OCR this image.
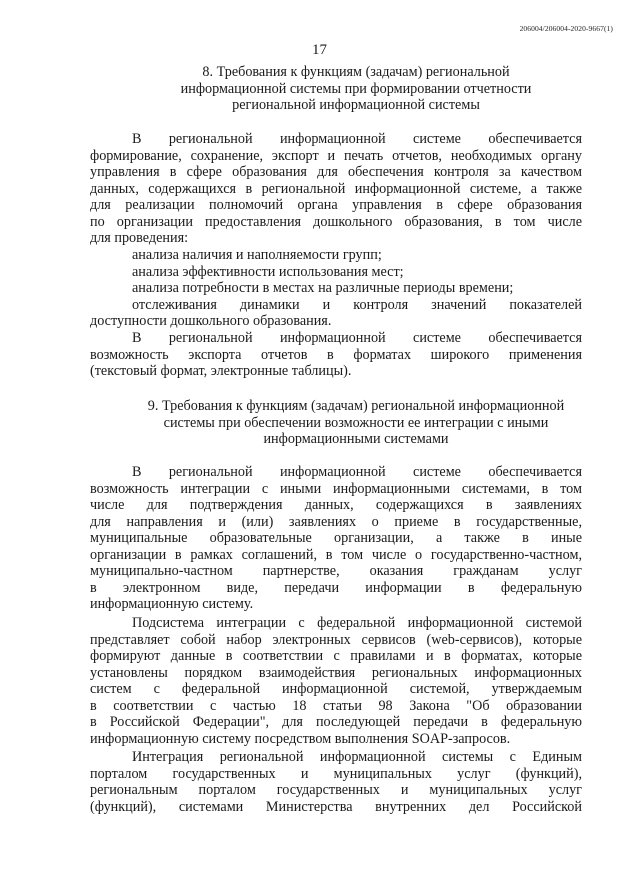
206004/206004-2020-9667(1)
17
8. Требования к функциям (задачам) региональной
информационной системы при формировании отчетности
региональной информационной системы
В региональной информационной системе обеспечивается
формирование, сохранение, экспорт и печать отчетов, необходимых органу
управления в сфере образования для обеспечения контроля за качеством
данных, содержащихся в региональной информационной системе, а также
для реализации полномочий органа управления в сфере образования
по организации предоставления дошкольного образования, в том числе
для проведения:
анализа наличия и наполняемости групп;
анализа эффективности использования мест;
анализа потребности в местах на различные периоды времени;
отслеживания динамики и контроля значений показателей
доступности дошкольного образования.
В региональной информационной системе обеспечивается
возможность экспорта отчетов в форматах широкого применения
(текстовый формат, электронные таблицы).
9. Требования к функциям (задачам) региональной информационной
системы при обеспечении возможности ее интеграции с иными
информационными системами
В региональной информационной системе обеспечивается
возможность интеграции с иными информационными системами, в том
числе для подтверждения данных, содержащихся в заявлениях
для направления и (или) заявлениях о приеме в государственные,
муниципальные образовательные организации, а также в иные
организации в рамках соглашений, в том числе о государственно-частном,
муниципально-частном партнерстве, оказания гражданам услуг
в электронном виде, передачи информации в федеральную
информационную систему.
Подсистема интеграции с федеральной информационной системой
представляет собой набор электронных сервисов (web-сервисов), которые
формируют данные в соответствии с правилами и в форматах, которые
установлены порядком взаимодействия региональных информационных
систем с федеральной информационной системой, утверждаемым
в соответствии с частью 18 статьи 98 Закона "Об образовании
в Российской Федерации", для последующей передачи в федеральную
информационную систему посредством выполнения SOAP-запросов.
Интеграция региональной информационной системы с Единым
порталом государственных и муниципальных услуг (функций),
региональным порталом государственных и муниципальных услуг
(функций), системами Министерства внутренних дел Российской
